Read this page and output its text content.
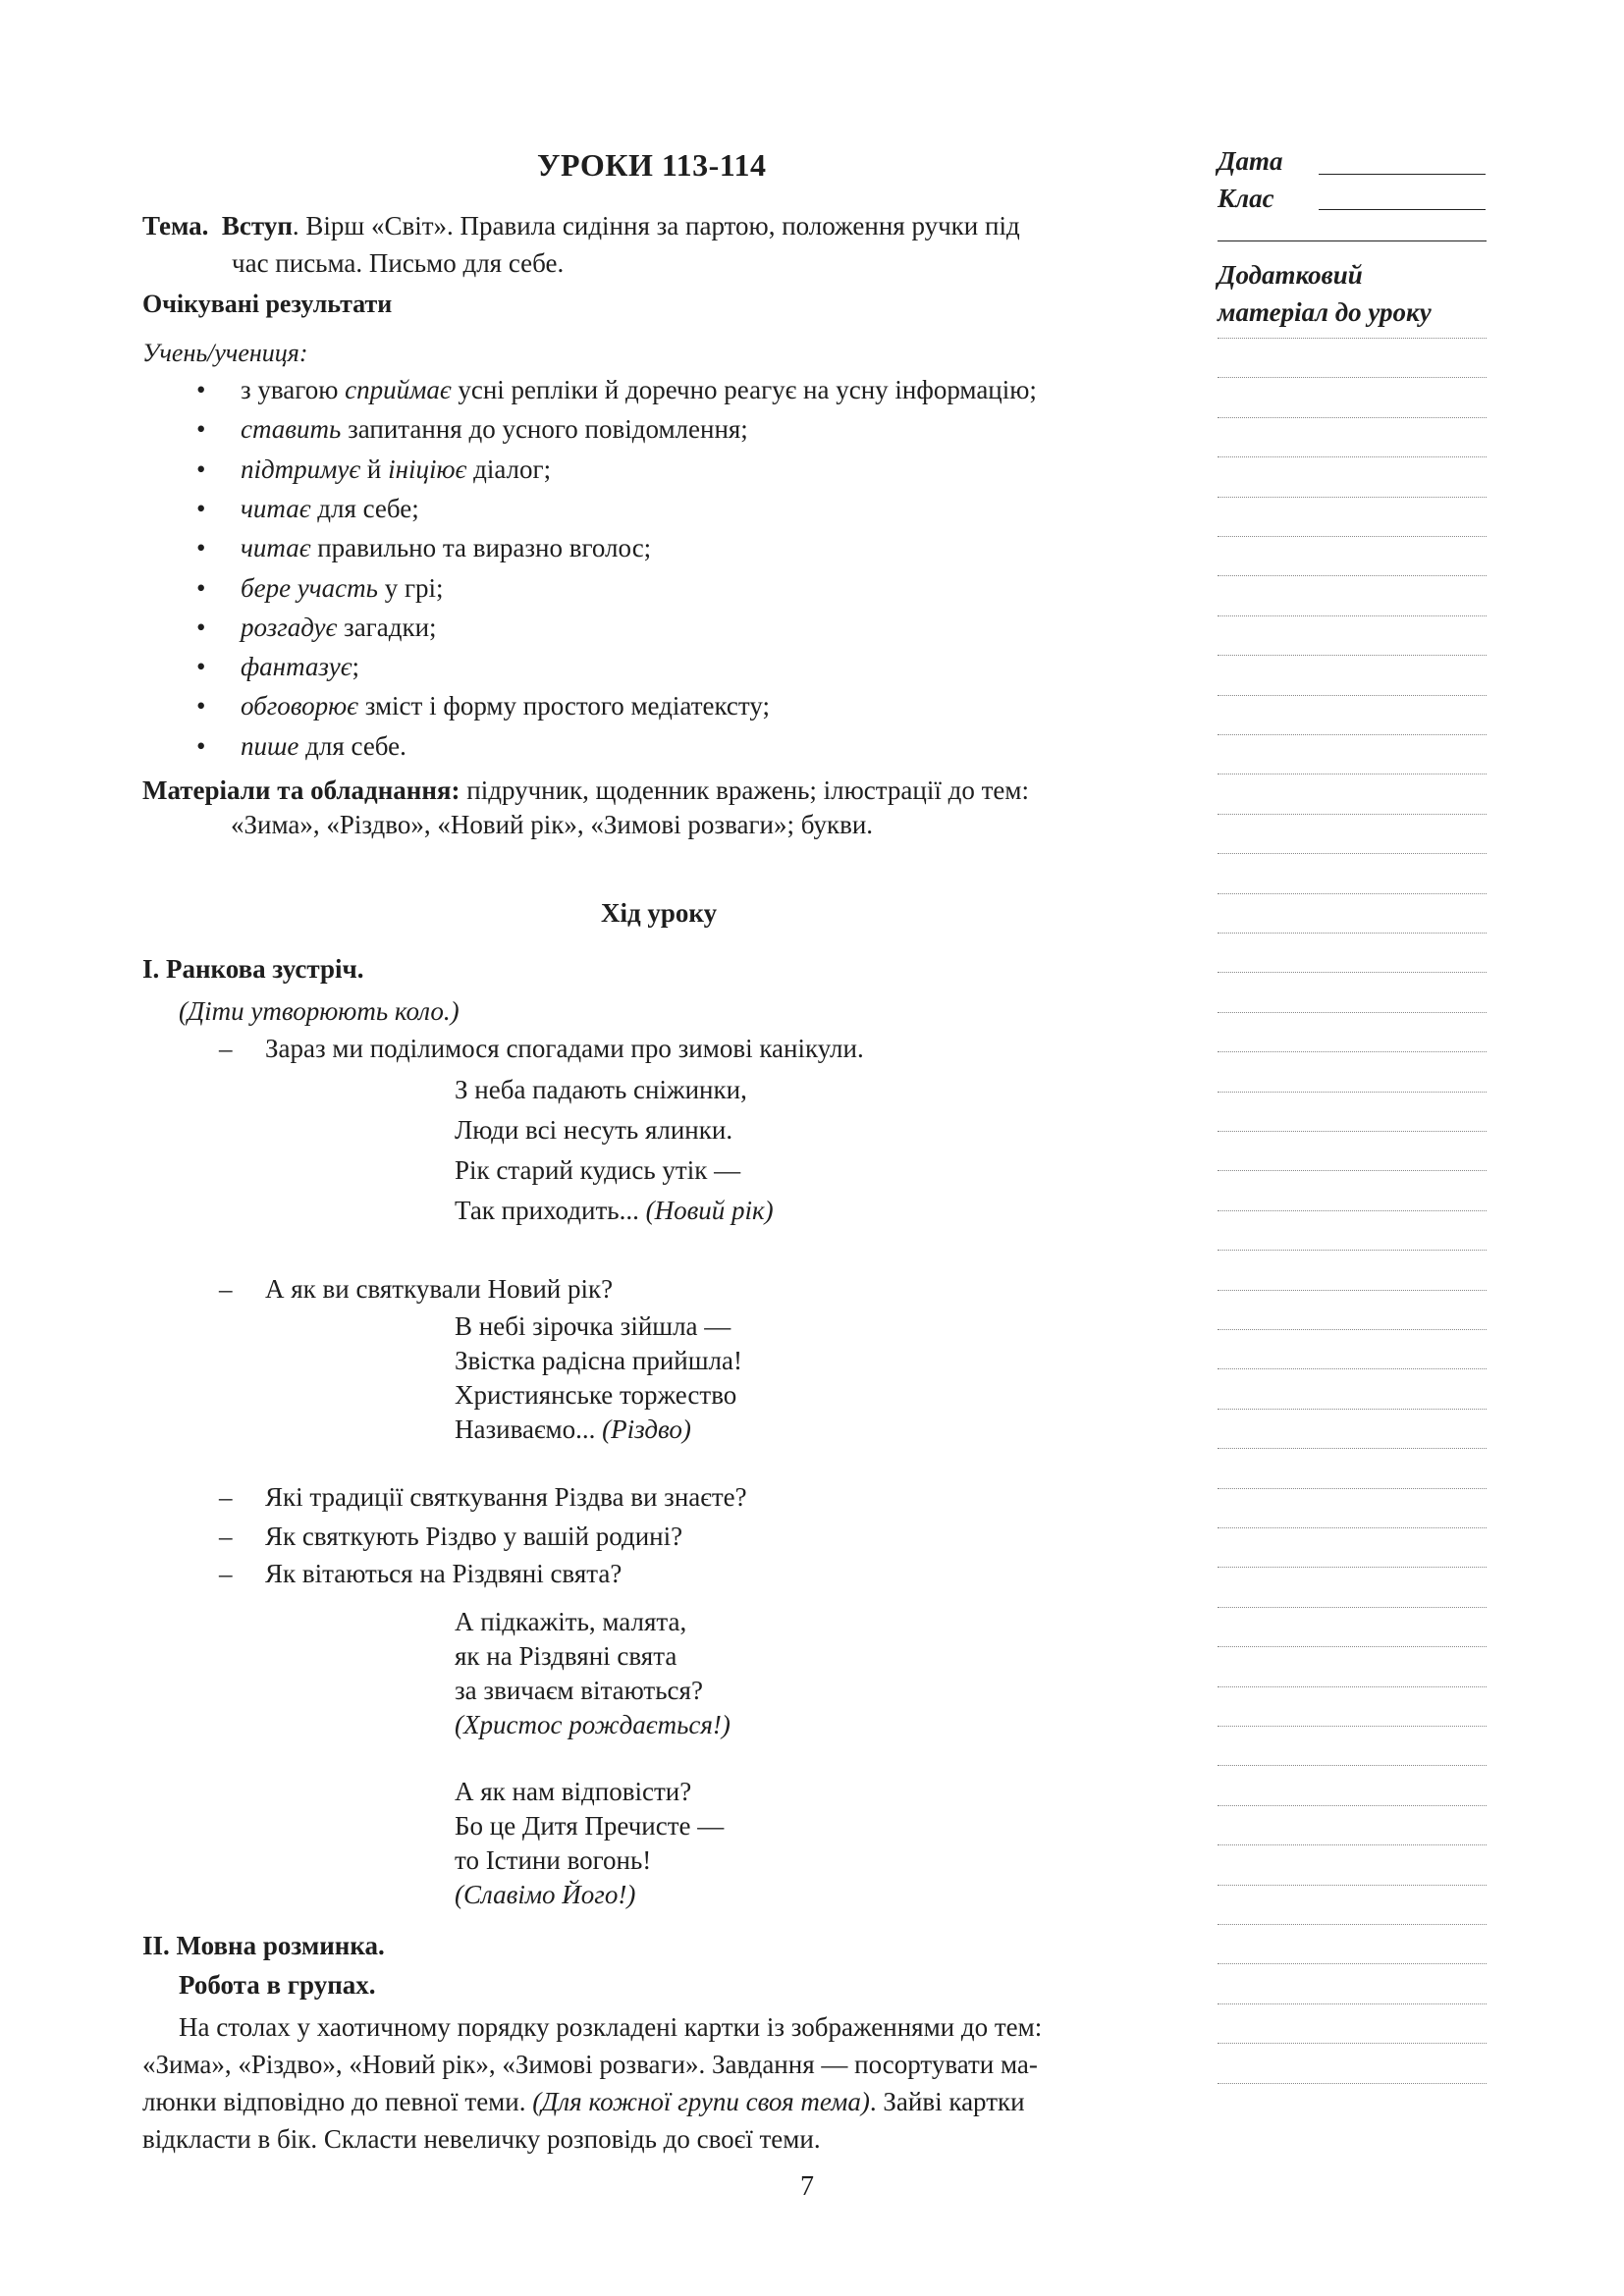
УРОКИ 113-114	Дата
Клас
Додатковий
матеріал до уроку
Тема. Вступ. Вірш «Світ». Правила сидіння за партою, положення ручки під
час письма. Письмо для себе.
Очікувані результати
Учень/учениця:
• з увагою сприймає усні репліки й доречно реагує на усну інформацію;
• ставить запитання до усного повідомлення;
• підтримує й ініціює діалог;
• читає для себе;
• читає правильно та виразно вголос;
• бере участь у грі;
• розгадує загадки;
• фантазує;
• обговорює зміст і форму простого медіатексту;
• пише для себе.
Матеріали та обладнання: підручник, щоденник вражень; ілюстрації до тем:
«Зима», «Різдво», «Новий рік», «Зимові розваги»; букви.
Хід уроку
І. Ранкова зустріч.
(Діти утворюють коло.)
– Зараз ми поділимося спогадами про зимові канікули.
З неба падають сніжинки,
Люди всі несуть ялинки.
Рік старий кудись утік —
Так приходить... (Новий рік)
– А як ви святкували Новий рік?
В небі зірочка зійшла —
Звістка радісна прийшла!
Християнське торжество
Називаємо... (Різдво)
– Які традиції святкування Різдва ви знаєте?
– Як святкують Різдво у вашій родині?
– Як вітаються на Різдвяні свята?
А підкажіть, малята,
як на Різдвяні свята
за звичаєм вітаються?
(Христос рождається!)
А як нам відповісти?
Бо це Дитя Пречисте —
то Істини вогонь!
(Славімо Його!)
ІІ. Мовна розминка.
Робота в групах.
На столах у хаотичному порядку розкладені картки із зображеннями до тем:
«Зима», «Різдво», «Новий рік», «Зимові розваги». Завдання — посортувати ма-
люнки відповідно до певної теми. (Для кожної групи своя тема). Зайві картки
відкласти в бік. Скласти невеличку розповідь до своєї теми.
7
